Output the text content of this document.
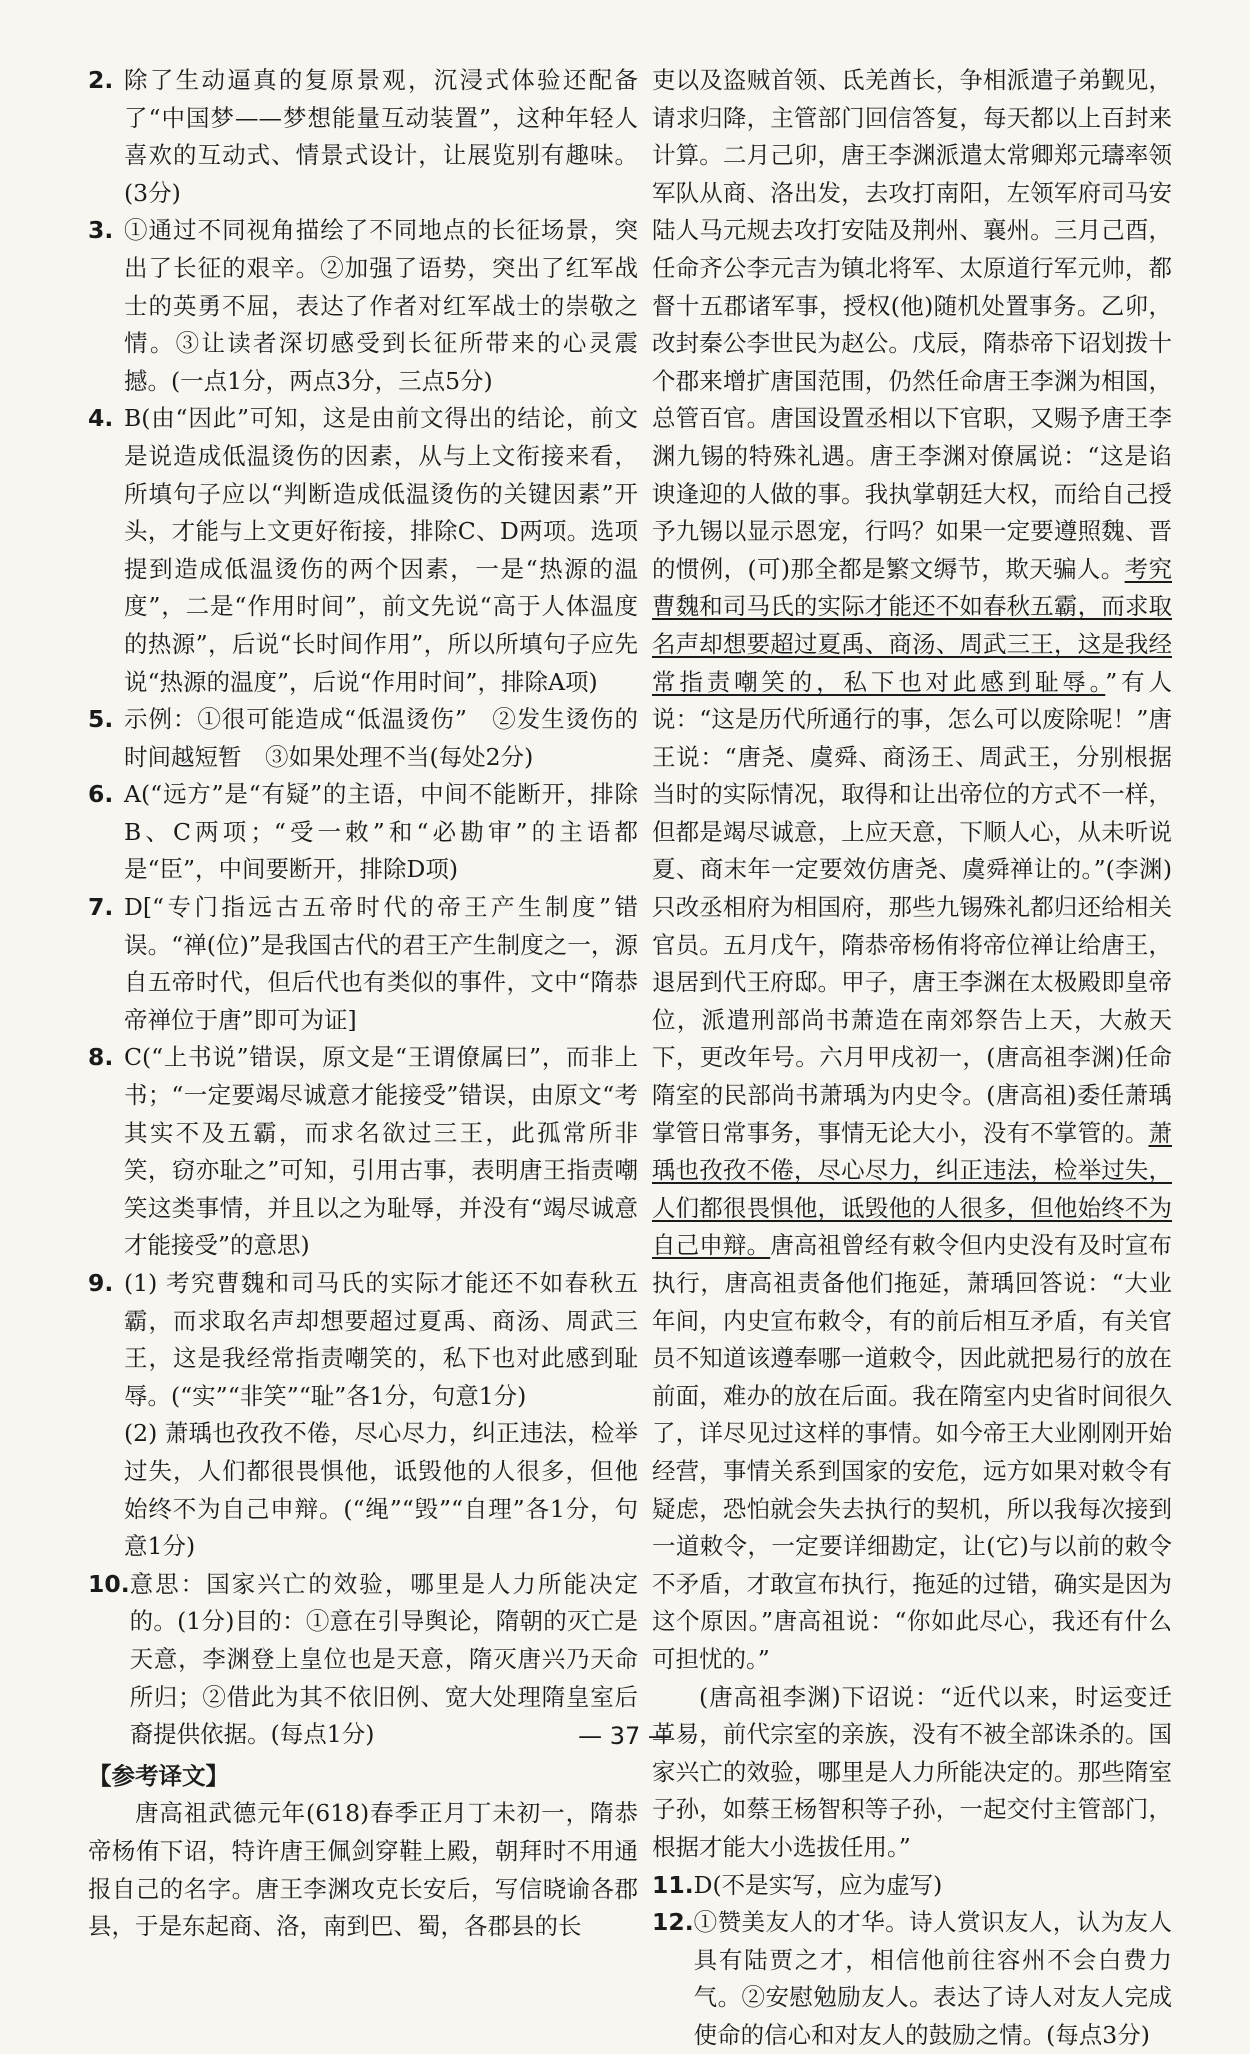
2. 除了生动逼真的复原景观，沉浸式体验还配备了“中国梦——梦想能量互动装置”，这种年轻人喜欢的互动式、情景式设计，让展览别有趣味。(3分)
3. ①通过不同视角描绘了不同地点的长征场景，突出了长征的艰辛。②加强了语势，突出了红军战士的英勇不屈，表达了作者对红军战士的崇敬之情。③让读者深切感受到长征所带来的心灵震撼。(一点1分，两点3分，三点5分)
4. B(由“因此”可知，这是由前文得出的结论，前文是说造成低温烫伤的因素，从与上文衔接来看，所填句子应以“判断造成低温烫伤的关键因素”开头，才能与上文更好衔接，排除C、D两项。选项提到造成低温烫伤的两个因素，一是“热源的温度”，二是“作用时间”，前文先说“高于人体温度的热源”，后说“长时间作用”，所以所填句子应先说“热源的温度”，后说“作用时间”，排除A项)
5. 示例：①很可能造成“低温烫伤”　②发生烫伤的时间越短暂　③如果处理不当(每处2分)
6. A(“远方”是“有疑”的主语，中间不能断开，排除B、C两项；“受一敕”和“必勘审”的主语都是“臣”，中间要断开，排除D项)
7. D[“专门指远古五帝时代的帝王产生制度”错误。“禅(位)”是我国古代的君王产生制度之一，源自五帝时代，但后代也有类似的事件，文中“隋恭帝禅位于唐”即可为证]
8. C(“上书说”错误，原文是“王谓僚属曰”，而非上书；“一定要竭尽诚意才能接受”错误，由原文“考其实不及五霸，而求名欲过三王，此孤常所非笑，窃亦耻之”可知，引用古事，表明唐王指责嘲笑这类事情，并且以之为耻辱，并没有“竭尽诚意才能接受”的意思)
9. (1) 考究曹魏和司马氏的实际才能还不如春秋五霸，而求取名声却想要超过夏禹、商汤、周武三王，这是我经常指责嘲笑的，私下也对此感到耻辱。(“实”“非笑”“耻”各1分，句意1分)

(2) 萧瑀也孜孜不倦，尽心尽力，纠正违法，检举过失，人们都很畏惧他，诋毁他的人很多，但他始终不为自己申辩。(“绳”“毁”“自理”各1分，句意1分)

10. 意思：国家兴亡的效验，哪里是人力所能决定的。(1分)目的：①意在引导舆论，隋朝的灭亡是天意，李渊登上皇位也是天意，隋灭唐兴乃天命所归；②借此为其不依旧例、宽大处理隋皇室后裔提供依据。(每点1分)
【参考译文】

唐高祖武德元年(618)春季正月丁未初一，隋恭帝杨侑下诏，特许唐王佩剑穿鞋上殿，朝拜时不用通报自己的名字。唐王李渊攻克长安后，写信晓谕各郡县，于是东起商、洛，南到巴、蜀，各郡县的长

吏以及盗贼首领、氐羌酋长，争相派遣子弟觐见，请求归降，主管部门回信答复，每天都以上百封来计算。二月己卯，唐王李渊派遣太常卿郑元璹率领军队从商、洛出发，去攻打南阳，左领军府司马安陆人马元规去攻打安陆及荆州、襄州。三月己酉，任命齐公李元吉为镇北将军、太原道行军元帅，都督十五郡诸军事，授权(他)随机处置事务。乙卯，改封秦公李世民为赵公。戊辰，隋恭帝下诏划拨十个郡来增扩唐国范围，仍然任命唐王李渊为相国，总管百官。唐国设置丞相以下官职，又赐予唐王李渊九锡的特殊礼遇。唐王李渊对僚属说：“这是谄谀逢迎的人做的事。我执掌朝廷大权，而给自己授予九锡以显示恩宠，行吗？如果一定要遵照魏、晋的惯例，(可)那全都是繁文缛节，欺天骗人。考究曹魏和司马氏的实际才能还不如春秋五霸，而求取名声却想要超过夏禹、商汤、周武三王，这是我经常指责嘲笑的，私下也对此感到耻辱。”有人说：“这是历代所通行的事，怎么可以废除呢！”唐王说：“唐尧、虞舜、商汤王、周武王，分别根据当时的实际情况，取得和让出帝位的方式不一样，但都是竭尽诚意，上应天意，下顺人心，从未听说夏、商末年一定要效仿唐尧、虞舜禅让的。”(李渊)只改丞相府为相国府，那些九锡殊礼都归还给相关官员。五月戊午，隋恭帝杨侑将帝位禅让给唐王，退居到代王府邸。甲子，唐王李渊在太极殿即皇帝位，派遣刑部尚书萧造在南郊祭告上天，大赦天下，更改年号。六月甲戌初一，(唐高祖李渊)任命隋室的民部尚书萧瑀为内史令。(唐高祖)委任萧瑀掌管日常事务，事情无论大小，没有不掌管的。萧瑀也孜孜不倦，尽心尽力，纠正违法，检举过失，人们都很畏惧他，诋毁他的人很多，但他始终不为自己申辩。唐高祖曾经有敕令但内史没有及时宣布执行，唐高祖责备他们拖延，萧瑀回答说：“大业年间，内史宣布敕令，有的前后相互矛盾，有关官员不知道该遵奉哪一道敕令，因此就把易行的放在前面，难办的放在后面。我在隋室内史省时间很久了，详尽见过这样的事情。如今帝王大业刚刚开始经营，事情关系到国家的安危，远方如果对敕令有疑虑，恐怕就会失去执行的契机，所以我每次接到一道敕令，一定要详细勘定，让(它)与以前的敕令不矛盾，才敢宣布执行，拖延的过错，确实是因为这个原因。”唐高祖说：“你如此尽心，我还有什么可担忧的。”

(唐高祖李渊)下诏说：“近代以来，时运变迁革易，前代宗室的亲族，没有不被全部诛杀的。国家兴亡的效验，哪里是人力所能决定的。那些隋室子孙，如蔡王杨智积等子孙，一起交付主管部门，根据才能大小选拔任用。”

11. D(不是实写，应为虚写)
12. ①赞美友人的才华。诗人赏识友人，认为友人具有陆贾之才，相信他前往容州不会白费力气。②安慰勉励友人。表达了诗人对友人完成使命的信心和对友人的鼓励之情。(每点3分)
— 37 —
